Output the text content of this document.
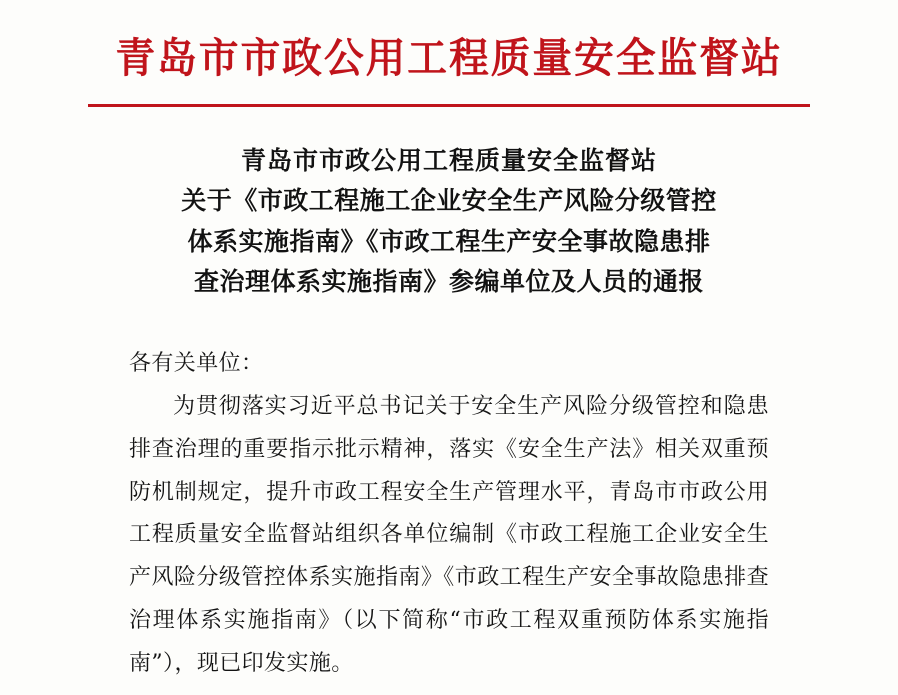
青岛市市政公用工程质量安全监督站
青岛市市政公用工程质量安全监督站
关于《市政工程施工企业安全生产风险分级管控
体系实施指南》《市政工程生产安全事故隐患排
查治理体系实施指南》参编单位及人员的通报

各有关单位：

为贯彻落实习近平总书记关于安全生产风险分级管控和隐患排查治理的重要指示批示精神，落实《安全生产法》相关双重预防机制规定，提升市政工程安全生产管理水平，青岛市市政公用工程质量安全监督站组织各单位编制《市政工程施工企业安全生产风险分级管控体系实施指南》《市政工程生产安全事故隐患排查治理体系实施指南》（以下简称“市政工程双重预防体系实施指南”），现已印发实施。
